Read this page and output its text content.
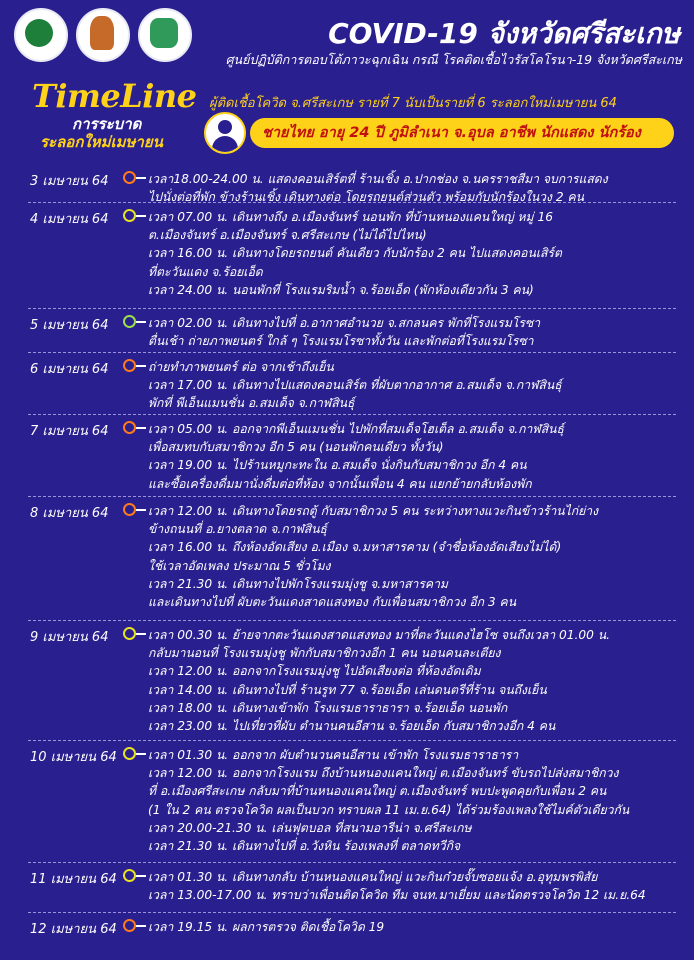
COVID-19 จังหวัดศรีสะเกษ
ศูนย์ปฏิบัติการตอบโต้ภาวะฉุกเฉิน กรณี โรคติดเชื้อไวรัสโคโรนา-19 จังหวัดศรีสะเกษ
TimeLine
การระบาด
ระลอกใหม่เมษายน
ผู้ติดเชื้อโควิด จ.ศรีสะเกษ รายที่ 7 นับเป็นรายที่ 6 ระลอกใหม่เมษายน 64
ชายไทย อายุ 24 ปี ภูมิลำเนา จ.อุบล อาชีพ นักแสดง นักร้อง
3 เมษายน 64	เวลา18.00-24.00 น. แสดงคอนเสิร์ตที่ ร้านเชิ้ง อ.ปากช่อง จ.นครราชสีมา จบการแสดง
ไปนั่งต่อที่พัก ข้างร้านเชิ้ง เดินทางต่อ โดยรถยนต์ส่วนตัว พร้อมกับนักร้องในวง 2 คน
4 เมษายน 64	เวลา 07.00 น. เดินทางถึง อ.เมืองจันทร์ นอนพัก ที่บ้านหนองแคนใหญ่ หมู่ 16
ต.เมืองจันทร์ อ.เมืองจันทร์ จ.ศรีสะเกษ (ไม่ได้ไปไหน)
เวลา 16.00 น. เดินทางโดยรถยนต์ คันเดียว กับนักร้อง 2 คน ไปแสดงคอนเสิร์ต
ที่ตะวันแดง จ.ร้อยเอ็ด
เวลา 24.00 น. นอนพักที่ โรงแรมริมน้ำ จ.ร้อยเอ็ด (พักห้องเดียวกัน 3 คน)
5 เมษายน 64	เวลา 02.00 น. เดินทางไปที่ อ.อากาศอำนวย จ.สกลนคร พักที่โรงแรมโรซา
ตื่นเช้า ถ่ายภาพยนตร์ ใกล้ ๆ โรงแรมโรซาทั้งวัน และพักต่อที่โรงแรมโรซา
6 เมษายน 64	ถ่ายทำภาพยนตร์ ต่อ จากเช้าถึงเย็น
เวลา 17.00 น. เดินทางไปแสดงคอนเสิร์ต ที่ผับตากอากาศ อ.สมเด็จ จ.กาฬสินธุ์
พักที่ พีเอ็นแมนชั่น อ.สมเด็จ จ.กาฬสินธุ์
7 เมษายน 64	เวลา 05.00 น. ออกจากพีเอ็นแมนชั่น ไปพักที่สมเด็จโฮเต็ล อ.สมเด็จ จ.กาฬสินธุ์
เพื่อสมทบกับสมาชิกวง อีก 5 คน (นอนพักคนเดียว ทั้งวัน)
เวลา 19.00 น. ไปร้านหมูกะทะใน อ.สมเด็จ นั่งกินกับสมาชิกวง อีก 4 คน
และซื้อเครื่องดื่มมานั่งดื่มต่อที่ห้อง จากนั้นเพื่อน 4 คน แยกย้ายกลับห้องพัก
8 เมษายน 64	เวลา 12.00 น. เดินทางโดยรถตู้ กับสมาชิกวง 5 คน ระหว่างทางแวะกินข้าวร้านไก่ย่าง
ข้างถนนที่ อ.ยางตลาด จ.กาฬสินธุ์
เวลา 16.00 น. ถึงห้องอัดเสียง อ.เมือง จ.มหาสารคาม (จำชื่อห้องอัดเสียงไม่ได้)
ใช้เวลาอัดเพลง ประมาณ 5 ชั่วโมง
เวลา 21.30 น. เดินทางไปพักโรงแรมมุ่งชู จ.มหาสารคาม
และเดินทางไปที่ ผับตะวันแดงสาดแสงทอง กับเพื่อนสมาชิกวง อีก 3 คน
9 เมษายน 64	เวลา 00.30 น. ย้ายจากตะวันแดงสาดแสงทอง มาที่ตะวันแดงไฮโซ จนถึงเวลา 01.00 น.
กลับมานอนที่ โรงแรมมุ่งชู พักกับสมาชิกวงอีก 1 คน นอนคนละเตียง
เวลา 12.00 น. ออกจากโรงแรมมุ่งชู ไปอัดเสียงต่อ ที่ห้องอัดเดิม
เวลา 14.00 น. เดินทางไปที่ ร้านรูท 77 จ.ร้อยเอ็ด เล่นดนตรีที่ร้าน จนถึงเย็น
เวลา 18.00 น. เดินทางเข้าพัก โรงแรมธาราธารา จ.ร้อยเอ็ด นอนพัก
เวลา 23.00 น. ไปเที่ยวที่ผับ ตำนานคนอีสาน จ.ร้อยเอ็ด กับสมาชิกวงอีก 4 คน
10 เมษายน 64	เวลา 01.30 น. ออกจาก ผับตำนวนคนอีสาน เข้าพัก โรงแรมธาราธารา
เวลา 12.00 น. ออกจากโรงแรม ถึงบ้านหนองแคนใหญ่ ต.เมืองจันทร์ ขับรถไปส่งสมาชิกวง
ที่ อ.เมืองศรีสะเกษ กลับมาที่บ้านหนองแคนใหญ่ ต.เมืองจันทร์ พบปะพูดคุยกับเพื่อน 2 คน
(1 ใน 2 คน ตรวจโควิด ผลเป็นบวก ทราบผล 11 เม.ย.64) ได้ร่วมร้องเพลงใช้ไมค์ตัวเดียวกัน
เวลา 20.00-21.30 น. เล่นฟุตบอล ที่สนามอารีน่า จ.ศรีสะเกษ
เวลา 21.30 น. เดินทางไปที่ อ.วังหิน ร้องเพลงที่ ตลาดทวีกิจ
11 เมษายน 64	เวลา 01.30 น. เดินทางกลับ บ้านหนองแคนใหญ่ แวะกินก๋วยจั๊บซอยแจ้ง อ.อุทุมพรพิสัย
เวลา 13.00-17.00 น. ทราบว่าเพื่อนติดโควิด ทีม จนท.มาเยี่ยม และนัดตรวจโควิด 12 เม.ย.64
12 เมษายน 64	เวลา 19.15 น. ผลการตรวจ ติดเชื้อโควิด 19
